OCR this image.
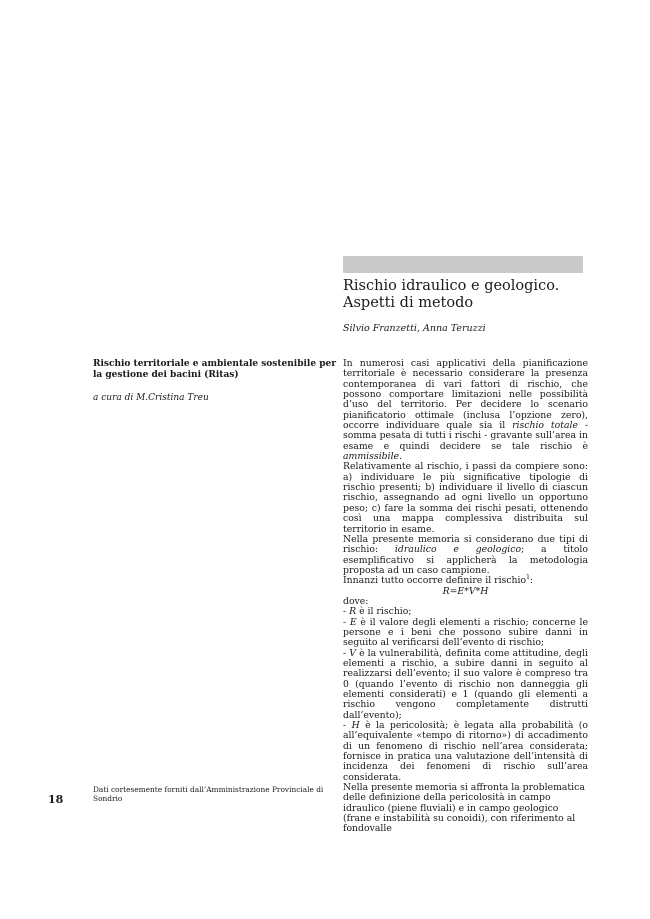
Rischio idraulico e geologico. Aspetti di metodo
Silvio Franzetti, Anna Teruzzi
Rischio territoriale e ambientale sostenibile per la gestione dei bacini (Ritas)
a cura di M.Cristina Treu
18

Dati cortesemente forniti dall’Amministrazione Provinciale di Sondrio

In numerosi casi applicativi della pianificazione territoriale è necessario considerare la presenza contemporanea di vari fattori di rischio, che possono comportare limitazioni nelle possibilità d’uso del territorio. Per decidere lo scenario pianificatorio ottimale (inclusa l’opzione zero), occorre individuare quale sia il rischio totale - somma pesata di tutti i rischi - gravante sull’area in esame e quindi decidere se tale rischio è ammissibile.

Relativamente al rischio, i passi da compiere sono: a) individuare le più significative tipologie di rischio presenti; b) individuare il livello di ciascun rischio, assegnando ad ogni livello un opportuno peso; c) fare la somma dei rischi pesati, ottenendo così una mappa complessiva distribuita sul territorio in esame.

Nella presente memoria si considerano due tipi di rischio: idraulico e geologico; a titolo esemplificativo si applicherà la metodologia proposta ad un caso campione.

Innanzi tutto occorre definire il rischio$^1$:

R=E*V*H

dove:

- R è il rischio;

- E è il valore degli elementi a rischio; concerne le persone e i beni che possono subire danni in seguito al verificarsi dell’evento di rischio;

- V è la vulnerabilità, definita come attitudine, degli elementi a rischio, a subire danni in seguito al realizzarsi dell’evento; il suo valore è compreso tra 0 (quando l’evento di rischio non danneggia gli elementi considerati) e 1 (quando gli elementi a rischio vengono completamente distrutti dall’evento);

- H è la pericolosità; è legata alla probabilità (o all’equivalente «tempo di ritorno») di accadimento di un fenomeno di rischio nell’area considerata; fornisce in pratica una valutazione dell’intensità di incidenza dei fenomeni di rischio sull’area considerata.

Nella presente memoria si affronta la problematica delle definizione della pericolosità in campo idraulico (piene fluviali) e in campo geologico (frane e instabilità su conoidi), con riferimento al fondovalle
